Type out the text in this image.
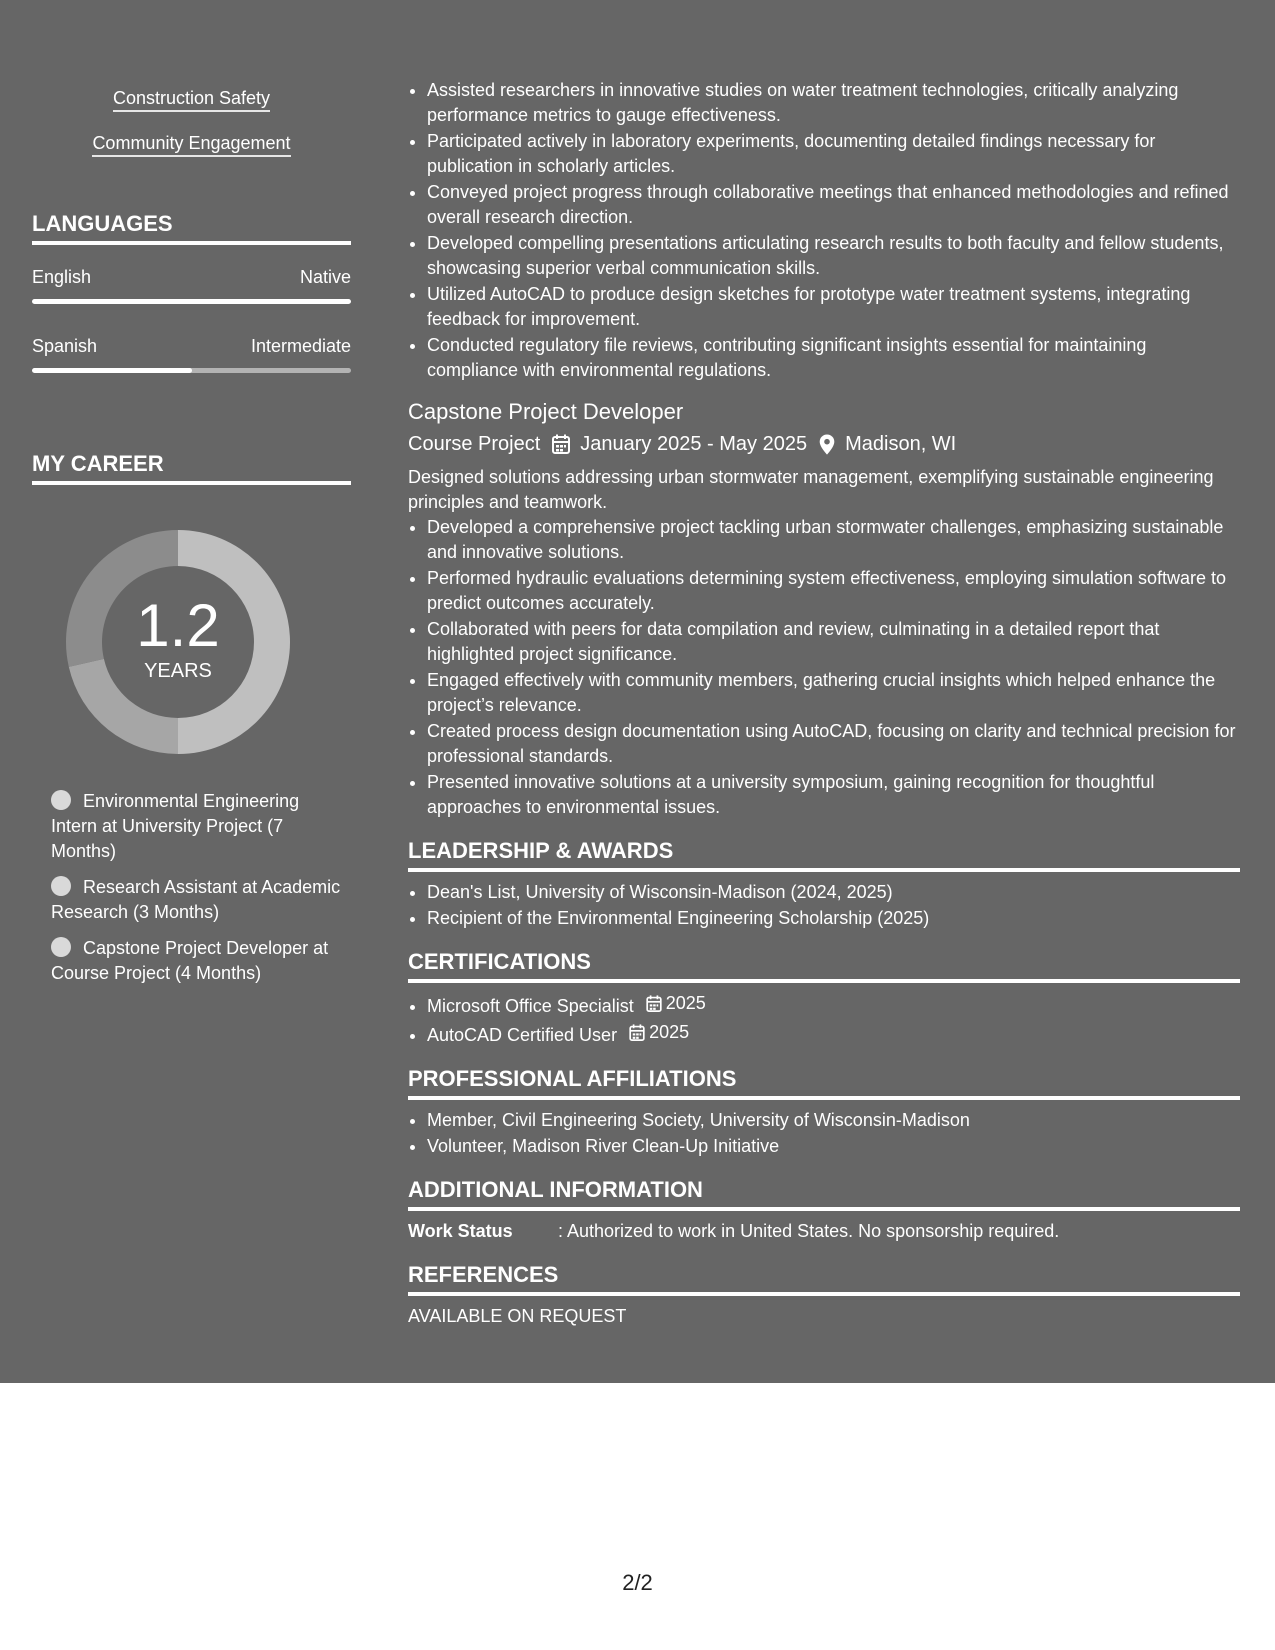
Construction Safety
Community Engagement
LANGUAGES
English	Native
Spanish	Intermediate
MY CAREER
1.2
YEARS
Environmental Engineering Intern at University Project (7 Months)
Research Assistant at Academic Research (3 Months)
Capstone Project Developer at Course Project (4 Months)
• Assisted researchers in innovative studies on water treatment technologies, critically analyzing performance metrics to gauge effectiveness.
• Participated actively in laboratory experiments, documenting detailed findings necessary for publication in scholarly articles.
• Conveyed project progress through collaborative meetings that enhanced methodologies and refined overall research direction.
• Developed compelling presentations articulating research results to both faculty and fellow students, showcasing superior verbal communication skills.
• Utilized AutoCAD to produce design sketches for prototype water treatment systems, integrating feedback for improvement.
• Conducted regulatory file reviews, contributing significant insights essential for maintaining compliance with environmental regulations.
Capstone Project Developer
Course Project January 2025 - May 2025 Madison, WI
Designed solutions addressing urban stormwater management, exemplifying sustainable engineering principles and teamwork.
• Developed a comprehensive project tackling urban stormwater challenges, emphasizing sustainable and innovative solutions.
• Performed hydraulic evaluations determining system effectiveness, employing simulation software to predict outcomes accurately.
• Collaborated with peers for data compilation and review, culminating in a detailed report that highlighted project significance.
• Engaged effectively with community members, gathering crucial insights which helped enhance the project’s relevance.
• Created process design documentation using AutoCAD, focusing on clarity and technical precision for professional standards.
• Presented innovative solutions at a university symposium, gaining recognition for thoughtful approaches to environmental issues.
LEADERSHIP & AWARDS
• Dean's List, University of Wisconsin-Madison (2024, 2025)
• Recipient of the Environmental Engineering Scholarship (2025)
CERTIFICATIONS
• Microsoft Office Specialist 2025
• AutoCAD Certified User 2025
PROFESSIONAL AFFILIATIONS
• Member, Civil Engineering Society, University of Wisconsin-Madison
• Volunteer, Madison River Clean-Up Initiative
ADDITIONAL INFORMATION
Work Status	: Authorized to work in United States. No sponsorship required.
REFERENCES
AVAILABLE ON REQUEST
2/2
